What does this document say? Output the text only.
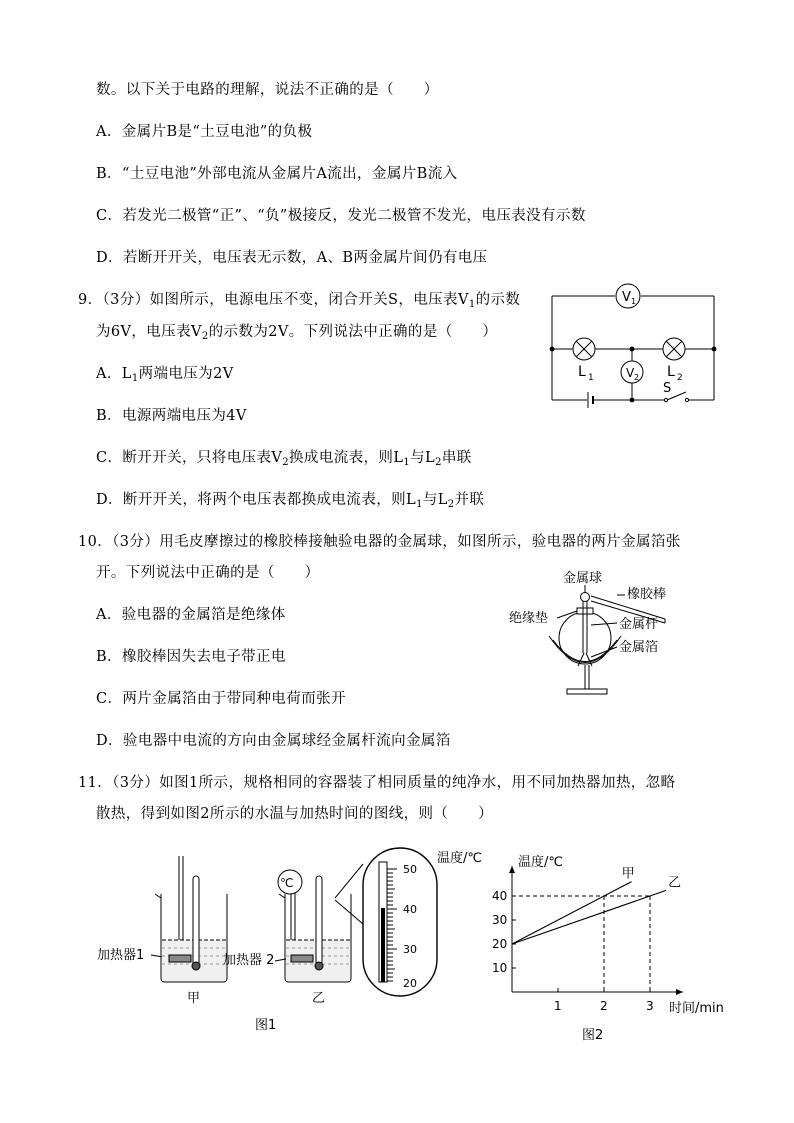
数。以下关于电路的理解，说法不正确的是（　　）
A．金属片B是“土豆电池”的负极
B．“土豆电池”外部电流从金属片A流出，金属片B流入
C．若发光二极管“正”、“负”极接反，发光二极管不发光，电压表没有示数
D．若断开开关，电压表无示数，A、B两金属片间仍有电压
9．（3分）如图所示，电源电压不变，闭合开关S，电压表$V_1$的示数
为6V，电压表$V_2$的示数为2V。下列说法中正确的是（　　）
A．$L_1$两端电压为2V
B．电源两端电压为4V
C．断开开关，只将电压表$V_2$换成电流表，则$L_1$与$L_2$串联
D．断开开关，将两个电压表都换成电流表，则$L_1$与$L_2$并联
V 1
L 1	L 2
V 2
S
10．（3分）用毛皮摩擦过的橡胶棒接触验电器的金属球，如图所示，验电器的两片金属箔张
开。下列说法中正确的是（　　）
A．验电器的金属箔是绝缘体
B．橡胶棒因失去电子带正电
C．两片金属箔由于带同种电荷而张开
D．验电器中电流的方向由金属球经金属杆流向金属箔
金属球
橡胶棒
绝缘垫	金属杆
金属箔
11．（3分）如图1所示，规格相同的容器装了相同质量的纯净水，用不同加热器加热，忽略
散热，得到如图2所示的水温与加热时间的图线，则（　　）
℃
加热器1	加热器 2
甲	乙
50
40
30
20
温度/℃
图1
1	2	3
10
20
30
40
甲
乙
温度/℃
时间/min
图2
